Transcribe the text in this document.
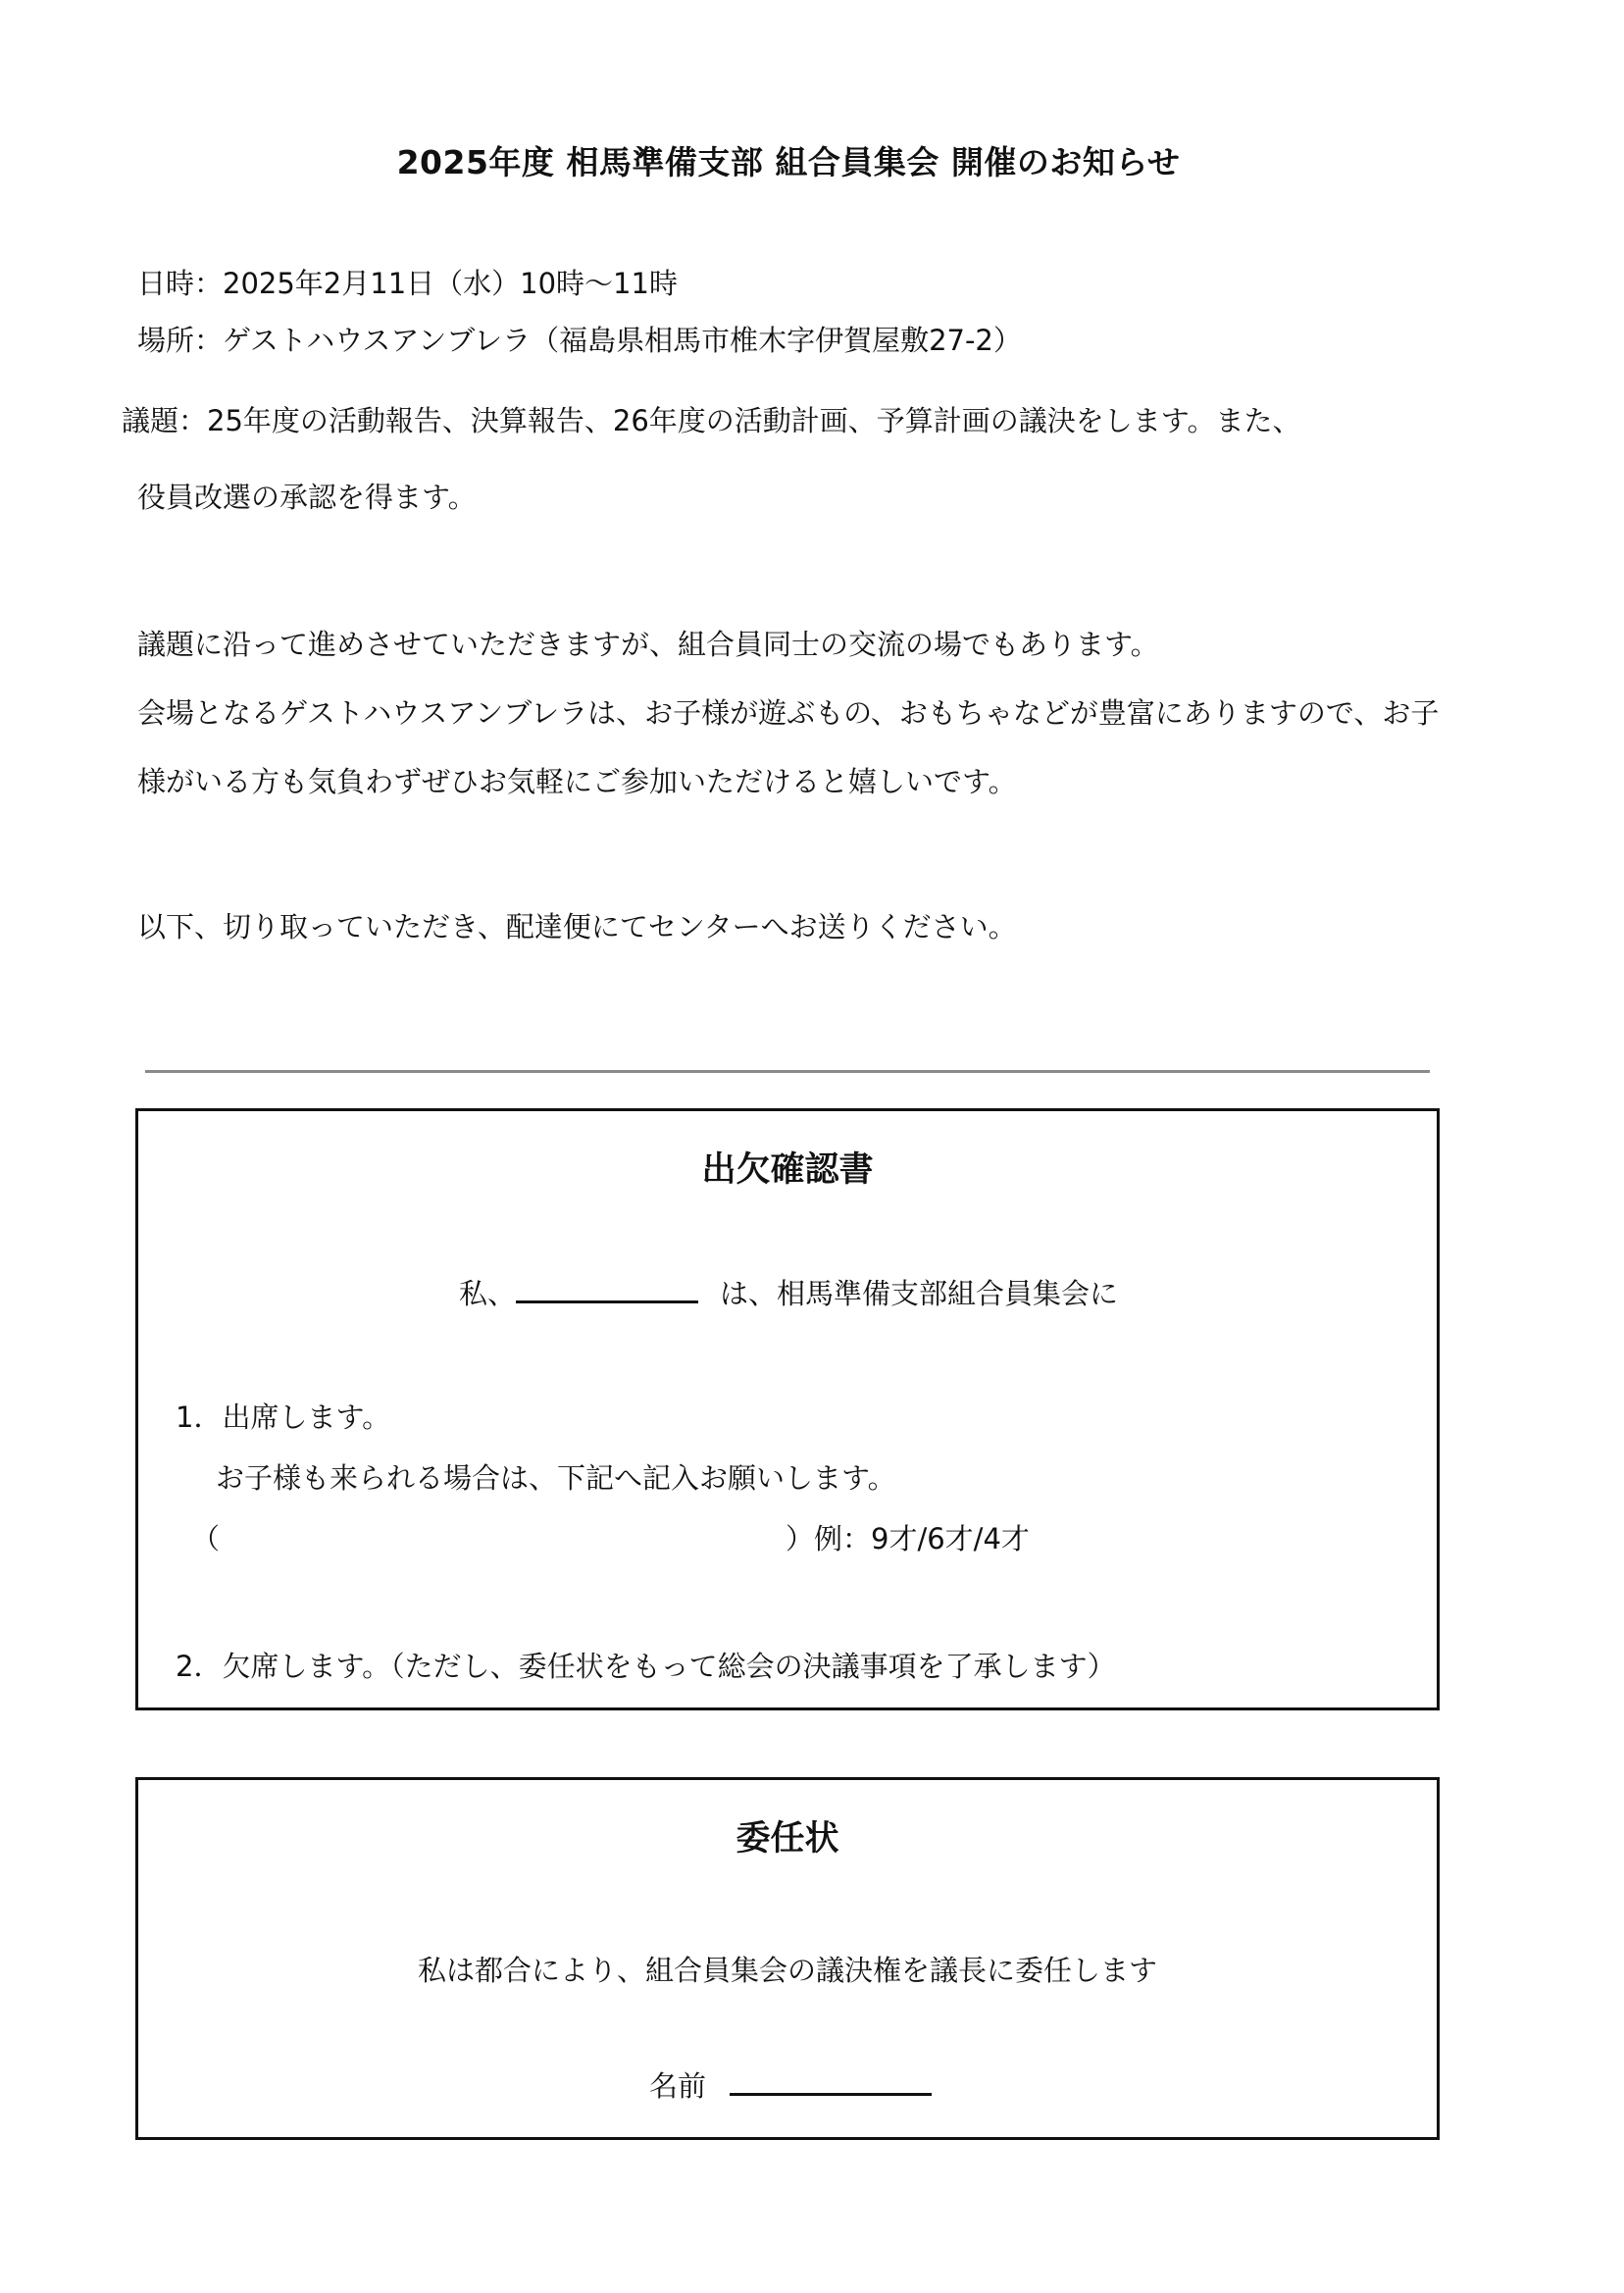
2025年度 相馬準備支部 組合員集会 開催のお知らせ
日時：2025年2月11日（水）10時～11時
場所：ゲストハウスアンブレラ（福島県相馬市椎木字伊賀屋敷27-2）
議題：25年度の活動報告、決算報告、26年度の活動計画、予算計画の議決をします。また、
役員改選の承認を得ます。
議題に沿って進めさせていただきますが、組合員同士の交流の場でもあります。
会場となるゲストハウスアンブレラは、お子様が遊ぶもの、おもちゃなどが豊富にありますので、お子
様がいる方も気負わずぜひお気軽にご参加いただけると嬉しいです。
以下、切り取っていただき、配達便にてセンターへお送りください。
出欠確認書
私、	は、相馬準備支部組合員集会に
1．出席します。
お子様も来られる場合は、下記へ記入お願いします。
（	）例：9才/6才/4才
2．欠席します。（ただし、委任状をもって総会の決議事項を了承します）
委任状
私は都合により、組合員集会の議決権を議長に委任します
名前
